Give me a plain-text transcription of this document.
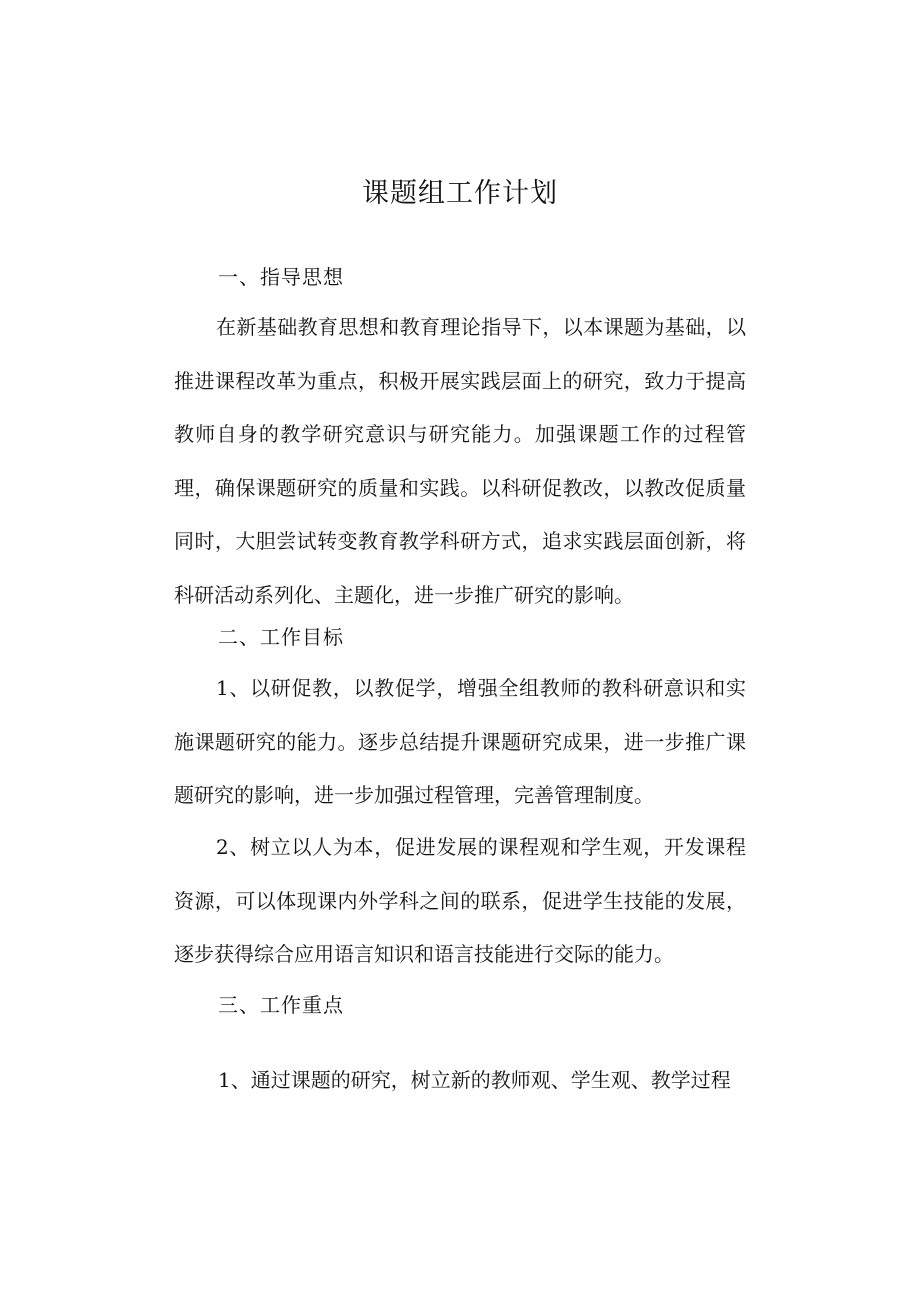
课题组工作计划
一、指导思想

在新基础教育思想和教育理论指导下，以本课题为基础，以推进课程改革为重点，积极开展实践层面上的研究，致力于提高教师自身的教学研究意识与研究能力。加强课题工作的过程管理，确保课题研究的质量和实践。以科研促教改，以教改促质量同时，大胆尝试转变教育教学科研方式，追求实践层面创新，将科研活动系列化、主题化，进一步推广研究的影响。

二、工作目标

1、以研促教，以教促学，增强全组教师的教科研意识和实施课题研究的能力。逐步总结提升课题研究成果，进一步推广课题研究的影响，进一步加强过程管理，完善管理制度。

2、树立以人为本，促进发展的课程观和学生观，开发课程资源，可以体现课内外学科之间的联系，促进学生技能的发展，逐步获得综合应用语言知识和语言技能进行交际的能力。

三、工作重点
1、通过课题的研究，树立新的教师观、学生观、教学过程
